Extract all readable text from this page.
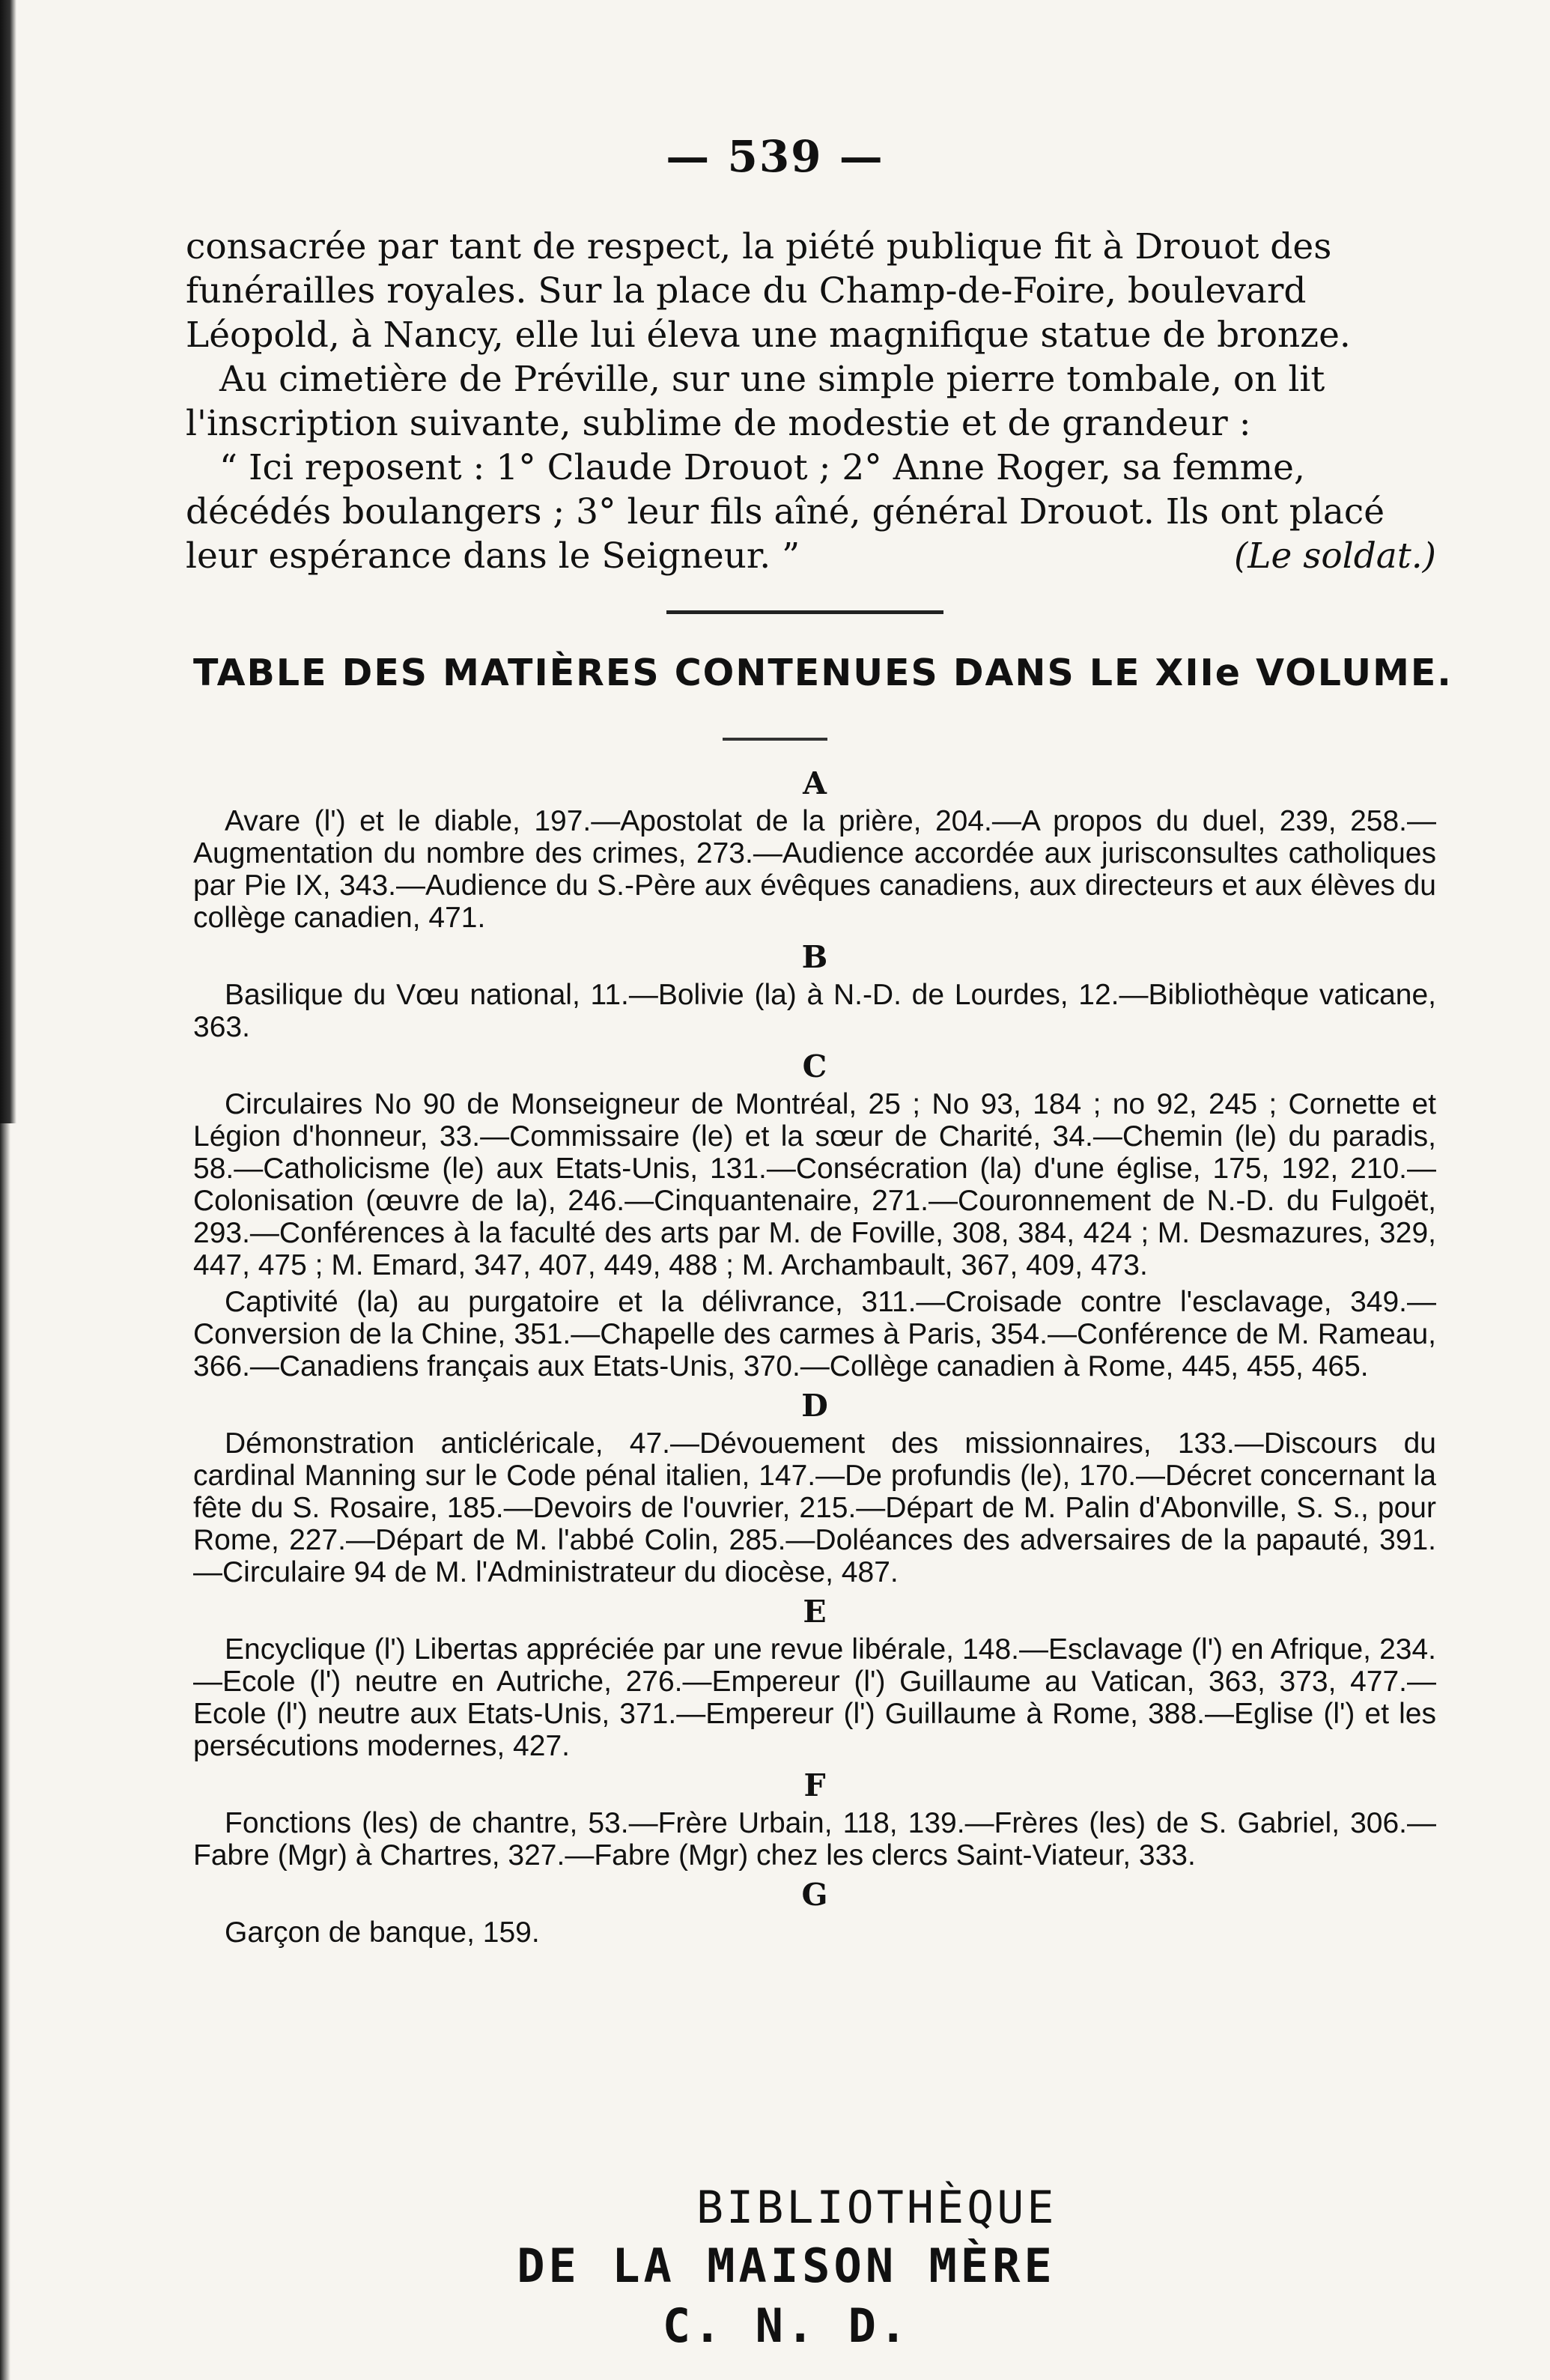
— 539 —

consacrée par tant de respect, la piété publique fit à Drouot des funérailles royales. Sur la place du Champ-de-Foire, boulevard Léopold, à Nancy, elle lui éleva une magnifique statue de bronze.

Au cimetière de Préville, sur une simple pierre tombale, on lit l'inscription suivante, sublime de modestie et de grandeur :

“ Ici reposent : 1° Claude Drouot ; 2° Anne Roger, sa femme, décédés boulangers ; 3° leur fils aîné, général Drouot. Ils ont placé leur espérance dans le Seigneur. ”	(Le soldat.)

TABLE DES MATIÈRES CONTENUES DANS LE XIIe VOLUME.
A

Avare (l') et le diable, 197.—Apostolat de la prière, 204.—A propos du duel, 239, 258.—Augmentation du nombre des crimes, 273.—Audience accordée aux jurisconsultes catholiques par Pie IX, 343.—Audience du S.-Père aux évêques canadiens, aux directeurs et aux élèves du collège canadien, 471.

B

Basilique du Vœu national, 11.—Bolivie (la) à N.-D. de Lourdes, 12.—Bibliothèque vaticane, 363.

C

Circulaires No 90 de Monseigneur de Montréal, 25 ; No 93, 184 ; no 92, 245 ; Cornette et Légion d'honneur, 33.—Commissaire (le) et la sœur de Charité, 34.—Chemin (le) du paradis, 58.—Catholicisme (le) aux Etats-Unis, 131.—Consécration (la) d'une église, 175, 192, 210.—Colonisation (œuvre de la), 246.—Cinquantenaire, 271.—Couronnement de N.-D. du Fulgoët, 293.—Conférences à la faculté des arts par M. de Foville, 308, 384, 424 ; M. Desmazures, 329, 447, 475 ; M. Emard, 347, 407, 449, 488 ; M. Archambault, 367, 409, 473.

Captivité (la) au purgatoire et la délivrance, 311.—Croisade contre l'esclavage, 349.—Conversion de la Chine, 351.—Chapelle des carmes à Paris, 354.—Conférence de M. Rameau, 366.—Canadiens français aux Etats-Unis, 370.—Collège canadien à Rome, 445, 455, 465.

D

Démonstration anticléricale, 47.—Dévouement des missionnaires, 133.—Discours du cardinal Manning sur le Code pénal italien, 147.—De profundis (le), 170.—Décret concernant la fête du S. Rosaire, 185.—Devoirs de l'ouvrier, 215.—Départ de M. Palin d'Abonville, S. S., pour Rome, 227.—Départ de M. l'abbé Colin, 285.—Doléances des adversaires de la papauté, 391.—Circulaire 94 de M. l'Administrateur du diocèse, 487.

E

Encyclique (l') Libertas appréciée par une revue libérale, 148.—Esclavage (l') en Afrique, 234.—Ecole (l') neutre en Autriche, 276.—Empereur (l') Guillaume au Vatican, 363, 373, 477.—Ecole (l') neutre aux Etats-Unis, 371.—Empereur (l') Guillaume à Rome, 388.—Eglise (l') et les persécutions modernes, 427.

F

Fonctions (les) de chantre, 53.—Frère Urbain, 118, 139.—Frères (les) de S. Gabriel, 306.—Fabre (Mgr) à Chartres, 327.—Fabre (Mgr) chez les clercs Saint-Viateur, 333.

G

Garçon de banque, 159.

BIBLIOTHÈQUE
DE LA MAISON MÈRE
C. N. D.
